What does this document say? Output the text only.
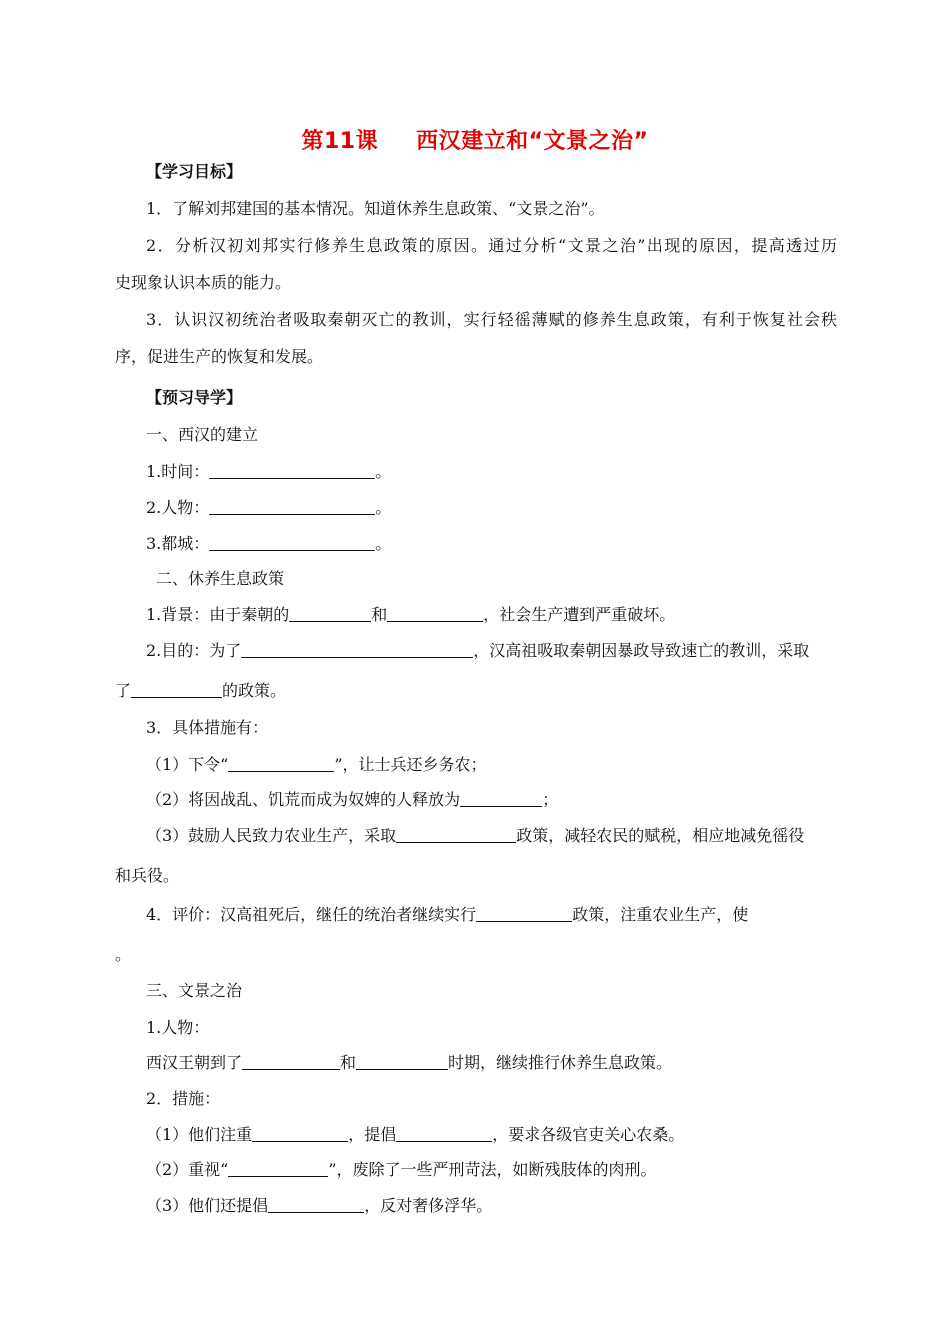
第11课 西汉建立和“文景之治”
【学习目标】
1．了解刘邦建国的基本情况。知道休养生息政策、“文景之治”。
2．分析汉初刘邦实行修养生息政策的原因。通过分析“文景之治”出现的原因，提高透过历
史现象认识本质的能力。
3．认识汉初统治者吸取秦朝灭亡的教训，实行轻徭薄赋的修养生息政策，有利于恢复社会秩
序，促进生产的恢复和发展。
【预习导学】
一、西汉的建立
1.时间：	。
2.人物：	。
3.都城：	。
二、休养生息政策
1.背景：由于秦朝的	和	，社会生产遭到严重破坏。
2.目的：为了	，汉高祖吸取秦朝因暴政导致速亡的教训，采取
了	的政策。
3．具体措施有：
（1）下令“	”，让士兵还乡务农；
（2）将因战乱、饥荒而成为奴婢的人释放为	；
（3）鼓励人民致力农业生产，采取	政策，减轻农民的赋税，相应地减免徭役
和兵役。
4．评价：汉高祖死后，继任的统治者继续实行	政策，注重农业生产，使
。
三、文景之治
1.人物：
西汉王朝到了	和	时期，继续推行休养生息政策。
2．措施：
（1）他们注重	，提倡	，要求各级官吏关心农桑。
（2）重视“	”，废除了一些严刑苛法，如断残肢体的肉刑。
（3）他们还提倡	，反对奢侈浮华。
